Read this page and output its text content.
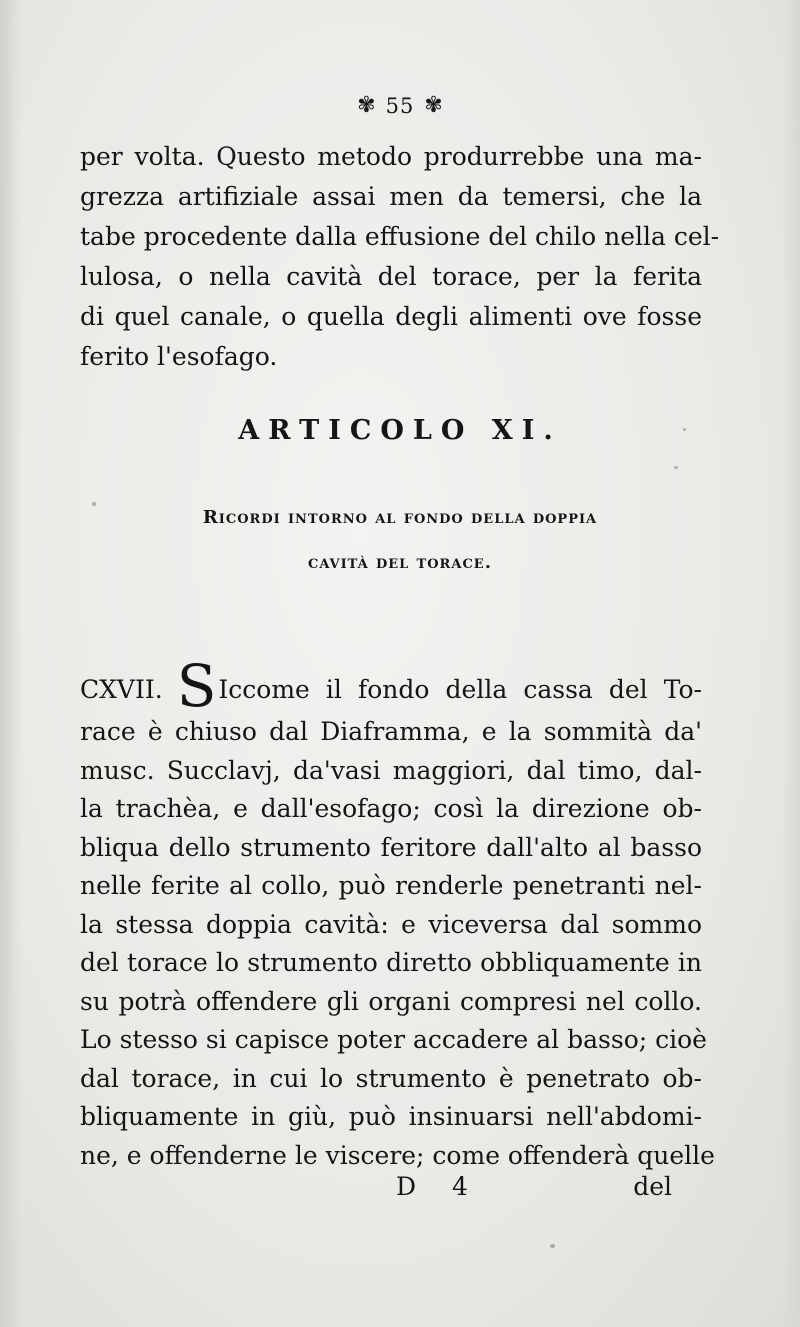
✾ 55 ✾
per volta. Questo metodo produrrebbe una ma-
grezza artifiziale assai men da temersi, che la
tabe procedente dalla effusione del chilo nella cel-
lulosa, o nella cavità del torace, per la ferita
di quel canale, o quella degli alimenti ove fosse
ferito l'esofago.
ARTICOLO XI.
Ricordi intorno al fondo della doppia
cavità del torace.
CXVII. S Iccome il fondo della cassa del To-
race è chiuso dal Diaframma, e la sommità da'
musc. Succlavj, da'vasi maggiori, dal timo, dal-
la trachèa, e dall'esofago; così la direzione ob-
bliqua dello strumento feritore dall'alto al basso
nelle ferite al collo, può renderle penetranti nel-
la stessa doppia cavità: e viceversa dal sommo
del torace lo strumento diretto obbliquamente in
su potrà offendere gli organi compresi nel collo.
Lo stesso si capisce poter accadere al basso; cioè
dal torace, in cui lo strumento è penetrato ob-
bliquamente in giù, può insinuarsi nell'abdomi-
ne, e offenderne le viscere; come offenderà quelle
D 4	del
